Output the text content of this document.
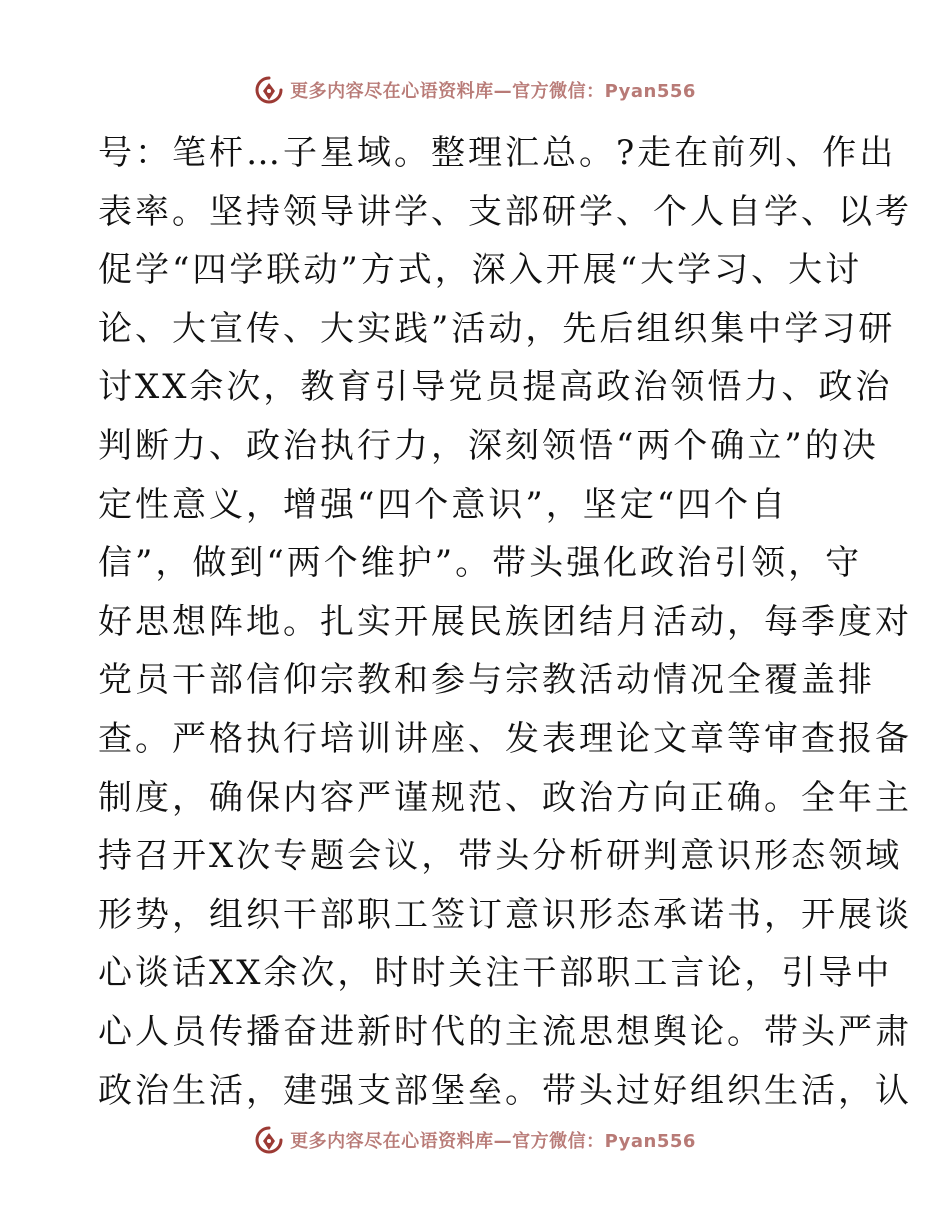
更多内容尽在心语资料库—官方微信：Pyan556
号：笔杆…子星域。整理汇总。?走在前列、作出
表率。坚持领导讲学、支部研学、个人自学、以考
促学“四学联动”方式，深入开展“大学习、大讨
论、大宣传、大实践”活动，先后组织集中学习研
讨XX余次，教育引导党员提高政治领悟力、政治
判断力、政治执行力，深刻领悟“两个确立”的决
定性意义，增强“四个意识”，坚定“四个自
信”，做到“两个维护”。带头强化政治引领，守
好思想阵地。扎实开展民族团结月活动，每季度对
党员干部信仰宗教和参与宗教活动情况全覆盖排
查。严格执行培训讲座、发表理论文章等审查报备
制度，确保内容严谨规范、政治方向正确。全年主
持召开X次专题会议，带头分析研判意识形态领域
形势，组织干部职工签订意识形态承诺书，开展谈
心谈话XX余次，时时关注干部职工言论，引导中
心人员传播奋进新时代的主流思想舆论。带头严肃
政治生活，建强支部堡垒。带头过好组织生活，认
更多内容尽在心语资料库—官方微信：Pyan556
